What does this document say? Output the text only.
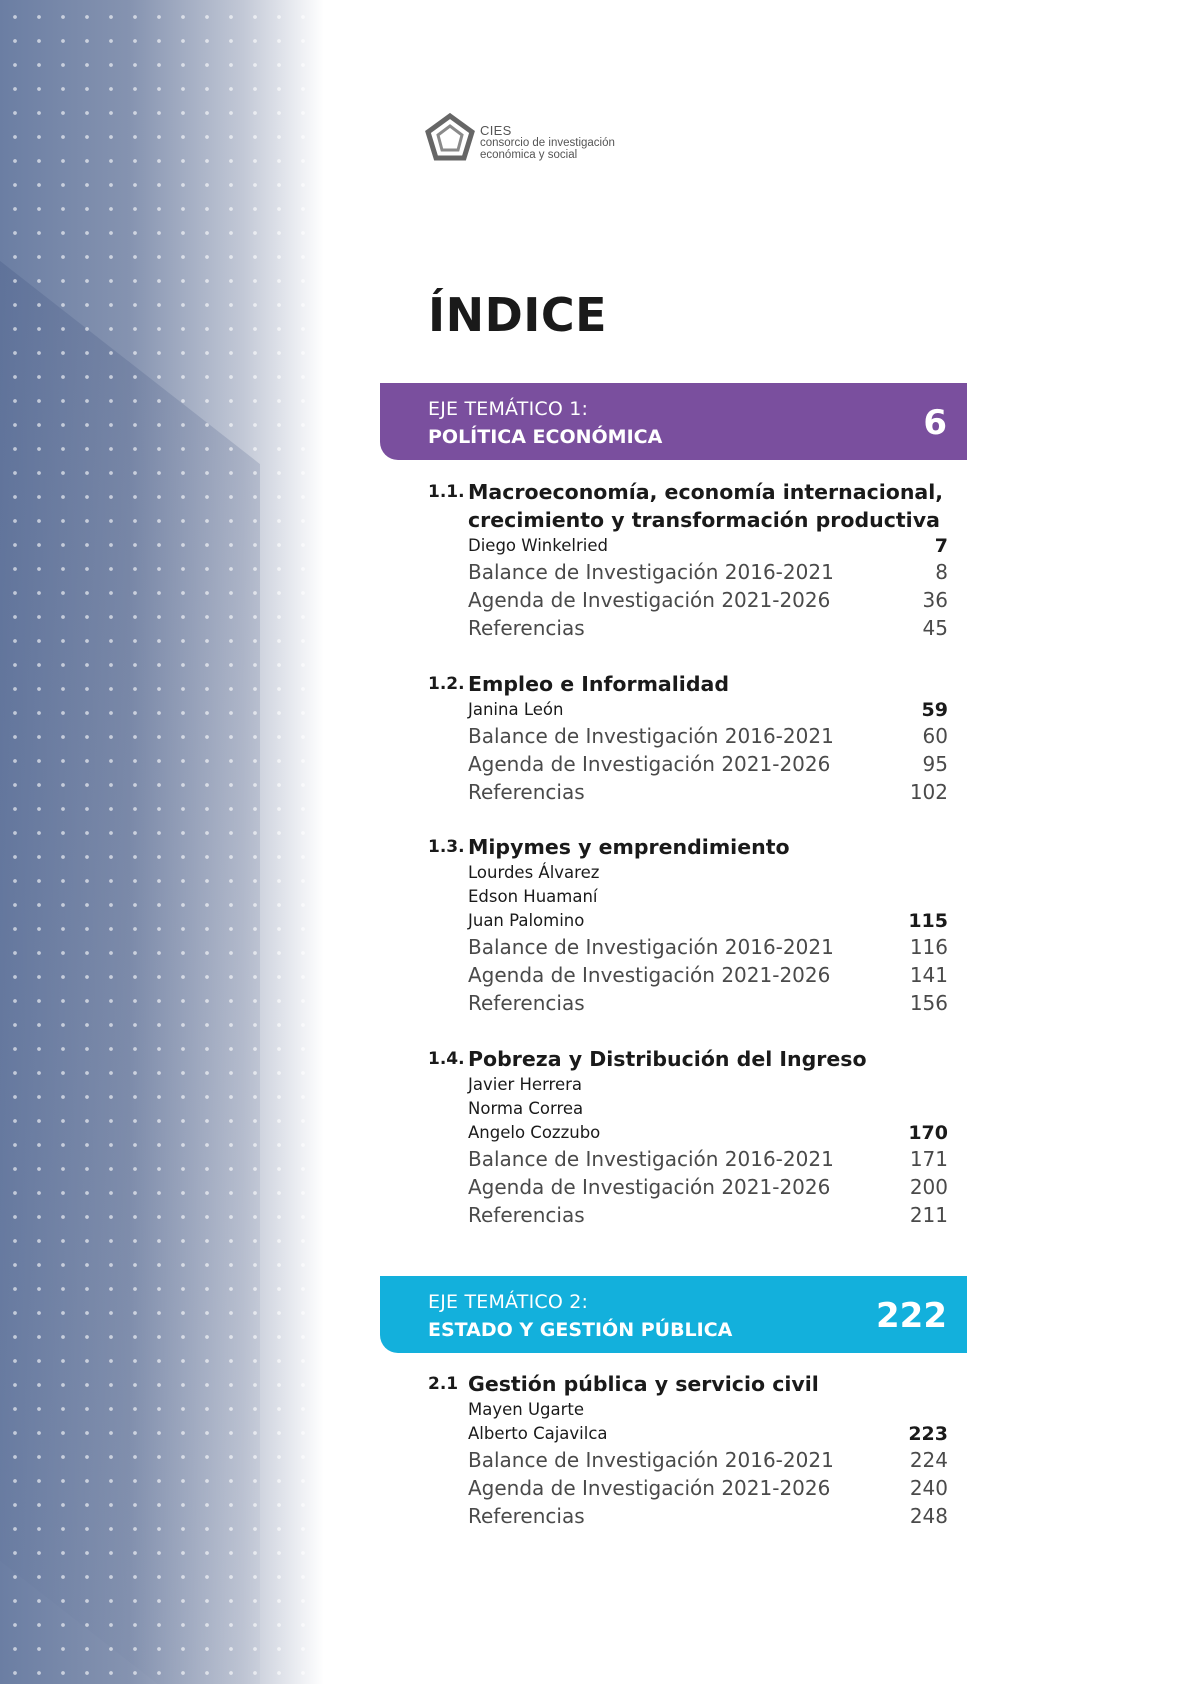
CIES
consorcio de investigación
económica y social
ÍNDICE
EJE TEMÁTICO 1:
POLÍTICA ECONÓMICA	6
1.1. Macroeconomía, economía internacional,
crecimiento y transformación productiva
Diego Winkelried	7
Balance de Investigación 2016-2021	8
Agenda de Investigación 2021-2026	36
Referencias	45
1.2. Empleo e Informalidad
Janina León	59
Balance de Investigación 2016-2021	60
Agenda de Investigación 2021-2026	95
Referencias	102
1.3. Mipymes y emprendimiento
Lourdes Álvarez
Edson Huamaní
Juan Palomino	115
Balance de Investigación 2016-2021	116
Agenda de Investigación 2021-2026	141
Referencias	156
1.4. Pobreza y Distribución del Ingreso
Javier Herrera
Norma Correa
Angelo Cozzubo	170
Balance de Investigación 2016-2021	171
Agenda de Investigación 2021-2026	200
Referencias	211
EJE TEMÁTICO 2:
ESTADO Y GESTIÓN PÚBLICA	222
2.1 Gestión pública y servicio civil
Mayen Ugarte
Alberto Cajavilca	223
Balance de Investigación 2016-2021	224
Agenda de Investigación 2021-2026	240
Referencias	248
